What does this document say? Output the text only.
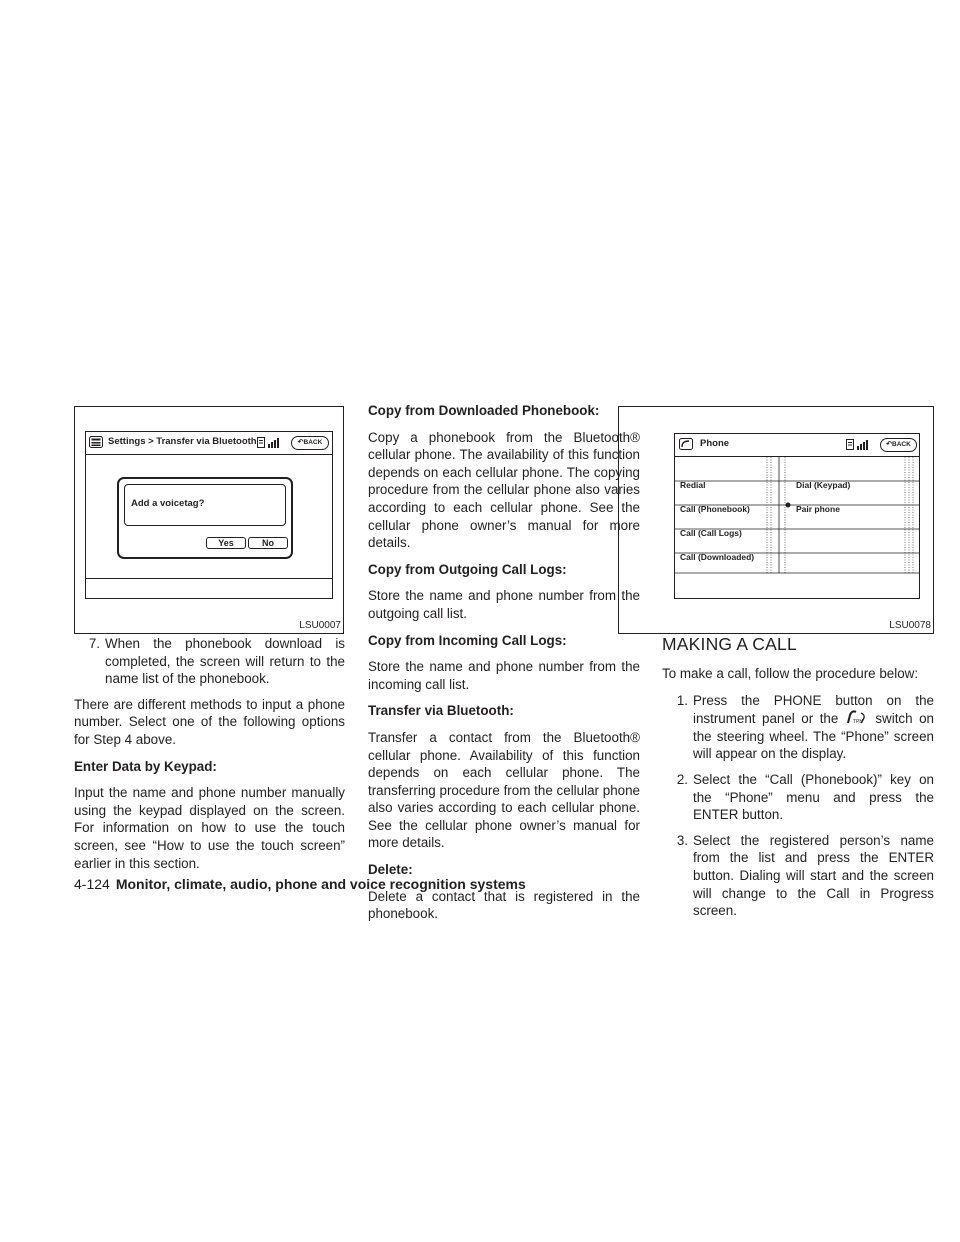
Settings > Transfer via Bluetooth	↶BACK
Add a voicetag?
Yes	No
LSU0007
Phone	↶BACK
Redial
Call (Phonebook)
Call (Call Logs)
Call (Downloaded)
Dial (Keypad)
Pair phone
LSU0078
7. When the phonebook download is completed, the screen will return to the name list of the phonebook.

There are different methods to input a phone number. Select one of the following options for Step 4 above.

Enter Data by Keypad:

Input the name and phone number manually using the keypad displayed on the screen. For information on how to use the touch screen, see “How to use the touch screen” earlier in this section.

Copy from Downloaded Phonebook:

Copy a phonebook from the Bluetooth® cellular phone. The availability of this function depends on each cellular phone. The copying procedure from the cellular phone also varies according to each cellular phone. See the cellular phone owner’s manual for more details.

Copy from Outgoing Call Logs:

Store the name and phone number from the outgoing call list.

Copy from Incoming Call Logs:

Store the name and phone number from the incoming call list.

Transfer via Bluetooth:

Transfer a contact from the Bluetooth® cellular phone. Availability of this function depends on each cellular phone. The transferring procedure from the cellular phone also varies according to each cellular phone. See the cellular phone owner’s manual for more details.

Delete:

Delete a contact that is registered in the phonebook.

MAKING A CALL

To make a call, follow the procedure below:

1. Press the PHONE button on the instrument panel or the	TPH switch on the steering wheel. The “Phone” screen will appear on the display.
2. Select the “Call (Phonebook)” key on the “Phone” menu and press the ENTER button.
3. Select the registered person’s name from the list and press the ENTER button. Dialing will start and the screen will change to the Call in Progress screen.
4-124 Monitor, climate, audio, phone and voice recognition systems
